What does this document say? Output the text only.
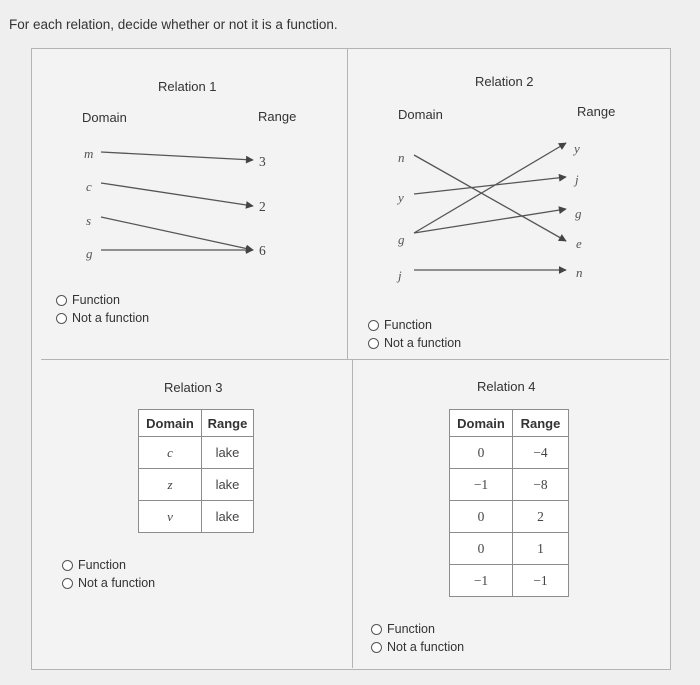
For each relation, decide whether or not it is a function.
Relation 1
Domain	Range
m
c
s
g
3
2
6
Function
Not a function
Relation 2
Domain	Range
n
y
g
j
y
j
g
e
n
Function
Not a function
Relation 3
Domain	Range
c	lake
z	lake
v	lake
Function
Not a function
Relation 4
Domain	Range
0	−4
−1	−8
0	2
0	1
−1	−1
Function
Not a function
